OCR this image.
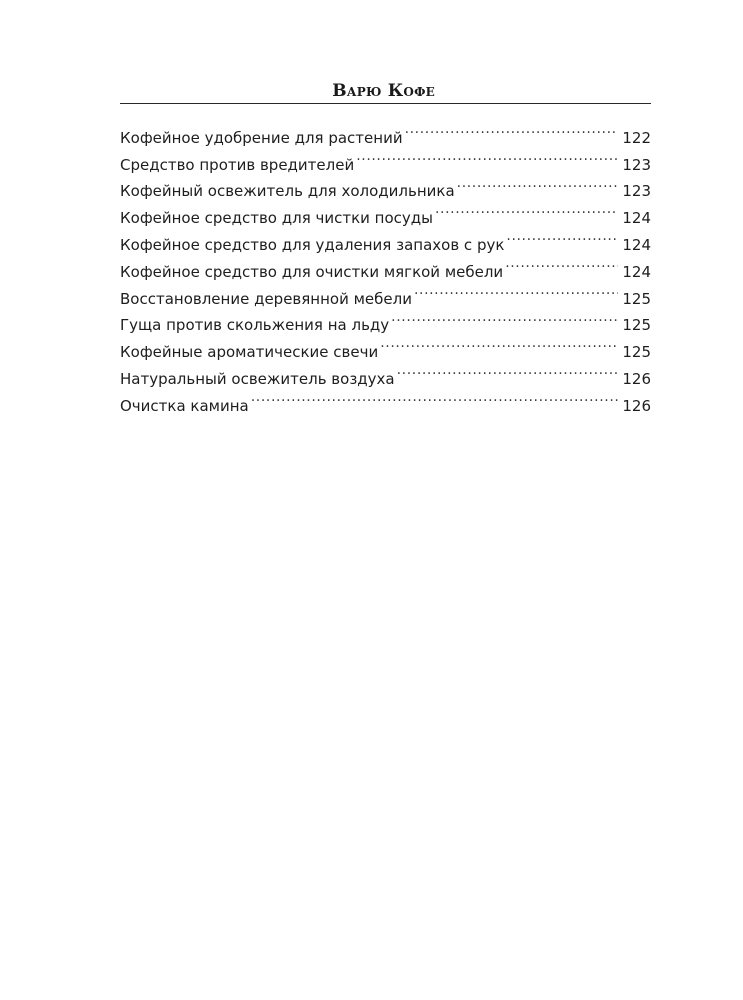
Варю Кофе
Кофейное удобрение для растений .....	122
Средство против вредителей .....	123
Кофейный освежитель для холодильника .....	123
Кофейное средство для чистки посуды .....	124
Кофейное средство для удаления запахов с рук .....	124
Кофейное средство для очистки мягкой мебели .....	124
Восстановление деревянной мебели .....	125
Гуща против скольжения на льду .....	125
Кофейные ароматические свечи .....	125
Натуральный освежитель воздуха .....	126
Очистка камина .....	126
